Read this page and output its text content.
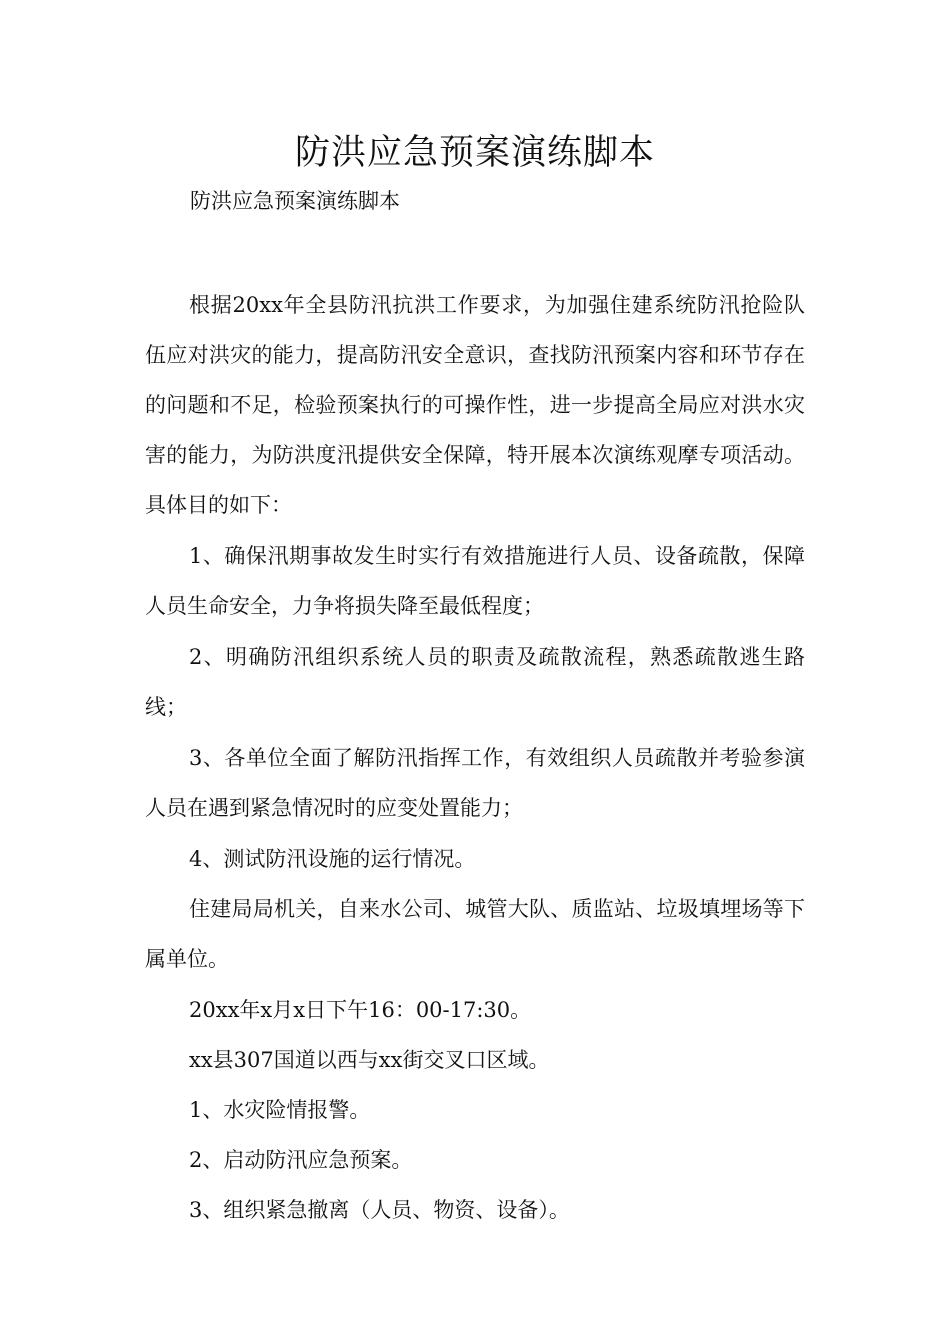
防洪应急预案演练脚本

防洪应急预案演练脚本

根据20xx年全县防汛抗洪工作要求，为加强住建系统防汛抢险队伍应对洪灾的能力，提高防汛安全意识，查找防汛预案内容和环节存在的问题和不足，检验预案执行的可操作性，进一步提高全局应对洪水灾害的能力，为防洪度汛提供安全保障，特开展本次演练观摩专项活动。具体目的如下：

1、确保汛期事故发生时实行有效措施进行人员、设备疏散，保障人员生命安全，力争将损失降至最低程度；

2、明确防汛组织系统人员的职责及疏散流程，熟悉疏散逃生路线；

3、各单位全面了解防汛指挥工作，有效组织人员疏散并考验参演人员在遇到紧急情况时的应变处置能力；

4、测试防汛设施的运行情况。

住建局局机关，自来水公司、城管大队、质监站、垃圾填埋场等下属单位。

20xx年x月x日下午16：00-17:30。

xx县307国道以西与xx街交叉口区域。

1、水灾险情报警。

2、启动防汛应急预案。

3、组织紧急撤离（人员、物资、设备）。
